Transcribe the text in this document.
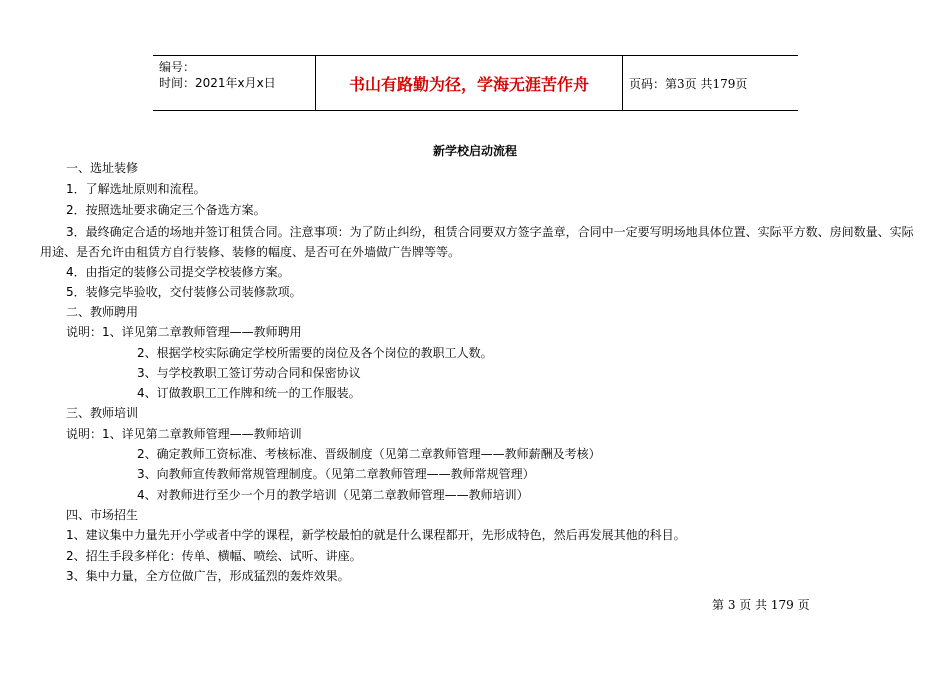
编号：
时间：2021年x月x日	书山有路勤为径，学海无涯苦作舟	页码：第3页 共179页
新学校启动流程
一、选址装修
1．了解选址原则和流程。
2．按照选址要求确定三个备选方案。
3．最终确定合适的场地并签订租赁合同。注意事项：为了防止纠纷，租赁合同要双方签字盖章，合同中一定要写明场地具体位置、实际平方数、房间数量、实际用途、是否允许由租赁方自行装修、装修的幅度、是否可在外墙做广告牌等等。
4．由指定的装修公司提交学校装修方案。
5．装修完毕验收，交付装修公司装修款项。
二、教师聘用
说明：1、详见第二章教师管理——教师聘用
2、根据学校实际确定学校所需要的岗位及各个岗位的教职工人数。
3、与学校教职工签订劳动合同和保密协议
4、订做教职工工作牌和统一的工作服装。
三、教师培训
说明：1、详见第二章教师管理——教师培训
2、确定教师工资标准、考核标准、晋级制度（见第二章教师管理——教师薪酬及考核）
3、向教师宣传教师常规管理制度。（见第二章教师管理——教师常规管理）
4、对教师进行至少一个月的教学培训（见第二章教师管理——教师培训）
四、市场招生
1、建议集中力量先开小学或者中学的课程，新学校最怕的就是什么课程都开，先形成特色，然后再发展其他的科目。
2、招生手段多样化：传单、横幅、喷绘、试听、讲座。
3、集中力量，全方位做广告，形成猛烈的轰炸效果。
第 3 页 共 179 页
